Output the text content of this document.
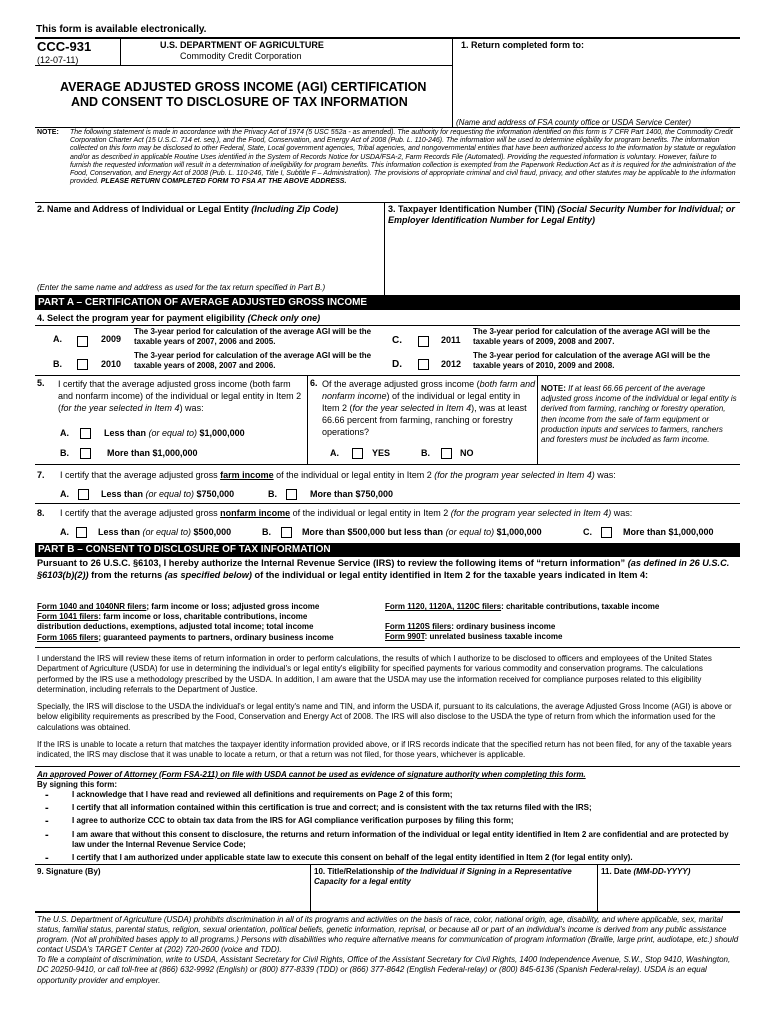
This form is available electronically.
CCC-931
(12-07-11)
U.S. DEPARTMENT OF AGRICULTURE
Commodity Credit Corporation
AVERAGE ADJUSTED GROSS INCOME (AGI) CERTIFICATION
AND CONSENT TO DISCLOSURE OF TAX INFORMATION
1. Return completed form to:
(Name and address of FSA county office or USDA Service Center)
NOTE: The following statement is made in accordance with the Privacy Act of 1974 (5 USC 552a - as amended). The authority for requesting the information identified on this form is 7 CFR Part 1400, the Commodity Credit Corporation Charter Act (15 U.S.C. 714 et. seq.), and the Food, Conservation, and Energy Act of 2008 (Pub. L. 110-246). The information will be used to determine eligibility for program benefits. The information collected on this form may be disclosed to other Federal, State, Local government agencies, Tribal agencies, and nongovernmental entities that have been authorized access to the information by statute or regulation and/or as described in applicable Routine Uses identified in the System of Records Notice for USDA/FSA-2, Farm Records File (Automated). Providing the requested information is voluntary. However, failure to furnish the requested information will result in a determination of ineligibility for program benefits. This information collection is exempted from the Paperwork Reduction Act as it is required for the administration of the Food, Conservation, and Energy Act of 2008 (Pub. L. 110-246, Title I, Subtitle F – Administration). The provisions of appropriate criminal and civil fraud, privacy, and other statutes may be applicable to the information provided. PLEASE RETURN COMPLETED FORM TO FSA AT THE ABOVE ADDRESS.
2. Name and Address of Individual or Legal Entity (Including Zip Code)
(Enter the same name and address as used for the tax return specified in Part B.)
3. Taxpayer Identification Number (TIN) (Social Security Number for Individual; or Employer Identification Number for Legal Entity)
PART A – CERTIFICATION OF AVERAGE ADJUSTED GROSS INCOME
4. Select the program year for payment eligibility (Check only one)
A.	2009
The 3-year period for calculation of the average AGI will be the taxable years of 2007, 2006 and 2005.
B.	2010
The 3-year period for calculation of the average AGI will be the taxable years of 2008, 2007 and 2006.
C.	2011
The 3-year period for calculation of the average AGI will be the taxable years of 2009, 2008 and 2007.
D.	2012
The 3-year period for calculation of the average AGI will be the taxable years of 2010, 2009 and 2008.
5. I certify that the average adjusted gross income (both farm and nonfarm income) of the individual or legal entity in Item 2 (for the year selected in Item 4) was:
A.	Less than (or equal to) $1,000,000
B.	More than $1,000,000
6. Of the average adjusted gross income (both farm and nonfarm income) of the individual or legal entity in Item 2 (for the year selected in Item 4), was at least 66.66 percent from farming, ranching or forestry operations?
A.	YES	B.	NO
NOTE: If at least 66.66 percent of the average adjusted gross income of the individual or legal entity is derived from farming, ranching or forestry operation, then income from the sale of farm equipment or production inputs and services to farmers, ranchers and foresters must be included as farm income.
7. I certify that the average adjusted gross farm income of the individual or legal entity in Item 2 (for the program year selected in Item 4) was:
A.	Less than (or equal to) $750,000	B.	More than $750,000
8. I certify that the average adjusted gross nonfarm income of the individual or legal entity in Item 2 (for the program year selected in Item 4) was:
A.	Less than (or equal to) $500,000	B.	More than $500,000 but less than (or equal to) $1,000,000	C.	More than $1,000,000
PART B – CONSENT TO DISCLOSURE OF TAX INFORMATION
Pursuant to 26 U.S.C. §6103, I hereby authorize the Internal Revenue Service (IRS) to review the following items of “return information” (as defined in 26 U.S.C. §6103(b)(2)) from the returns (as specified below) of the individual or legal entity identified in Item 2 for the taxable years indicated in Item 4:
Form 1040 and 1040NR filers; farm income or loss; adjusted gross income
Form 1041 filers: farm income or loss, charitable contributions, income
distribution deductions, exemptions, adjusted total income; total income
Form 1065 filers; guaranteed payments to partners, ordinary business income
Form 1120, 1120A, 1120C filers: charitable contributions, taxable income
Form 1120S filers: ordinary business income
Form 990T: unrelated business taxable income
I understand the IRS will review these items of return information in order to perform calculations, the results of which I authorize to be disclosed to officers and employees of the United States Department of Agriculture (USDA) for use in determining the individual's or legal entity's eligibility for specified payments for various commodity and conservation programs. The calculations performed by the IRS use a methodology prescribed by the USDA. In addition, I am aware that the USDA may use the information received for compliance purposes related to this eligibility determination, including referrals to the Department of Justice.
Specially, the IRS will disclose to the USDA the individual's or legal entity's name and TIN, and inform the USDA if, pursuant to its calculations, the average Adjusted Gross Income (AGI) is above or below eligibility requirements as prescribed by the Food, Conservation and Energy Act of 2008. The IRS will also disclose to the USDA the type of return from which the information used for the calculations was obtained.
If the IRS is unable to locate a return that matches the taxpayer identity information provided above, or if IRS records indicate that the specified return has not been filed, for any of the taxable years indicated, the IRS may disclose that it was unable to locate a return, or that a return was not filed, for those years, whichever is applicable.
An approved Power of Attorney (Form FSA-211) on file with USDA cannot be used as evidence of signature authority when completing this form.
By signing this form:
-	I acknowledge that I have read and reviewed all definitions and requirements on Page 2 of this form;
-	I certify that all information contained within this certification is true and correct; and is consistent with the tax returns filed with the IRS;
-	I agree to authorize CCC to obtain tax data from the IRS for AGI compliance verification purposes by filing this form;
-	I am aware that without this consent to disclosure, the returns and return information of the individual or legal entity identified in Item 2 are confidential and are protected by law under the Internal Revenue Service Code;
-	I certify that I am authorized under applicable state law to execute this consent on behalf of the legal entity identified in Item 2 (for legal entity only).
9. Signature (By)	10. Title/Relationship of the Individual if Signing in a Representative Capacity for a legal entity
11. Date (MM-DD-YYYY)
The U.S. Department of Agriculture (USDA) prohibits discrimination in all of its programs and activities on the basis of race, color, national origin, age, disability, and where applicable, sex, marital status, familial status, parental status, religion, sexual orientation, political beliefs, genetic information, reprisal, or because all or part of an individual's income is derived from any public assistance program. (Not all prohibited bases apply to all programs.) Persons with disabilities who require alternative means for communication of program information (Braille, large print, audiotape, etc.) should contact USDA's TARGET Center at (202) 720-2600 (voice and TDD).
To file a complaint of discrimination, write to USDA, Assistant Secretary for Civil Rights, Office of the Assistant Secretary for Civil Rights, 1400 Independence Avenue, S.W., Stop 9410, Washington, DC 20250-9410, or call toll-free at (866) 632-9992 (English) or (800) 877-8339 (TDD) or (866) 377-8642 (English Federal-relay) or (800) 845-6136 (Spanish Federal-relay). USDA is an equal opportunity provider and employer.
